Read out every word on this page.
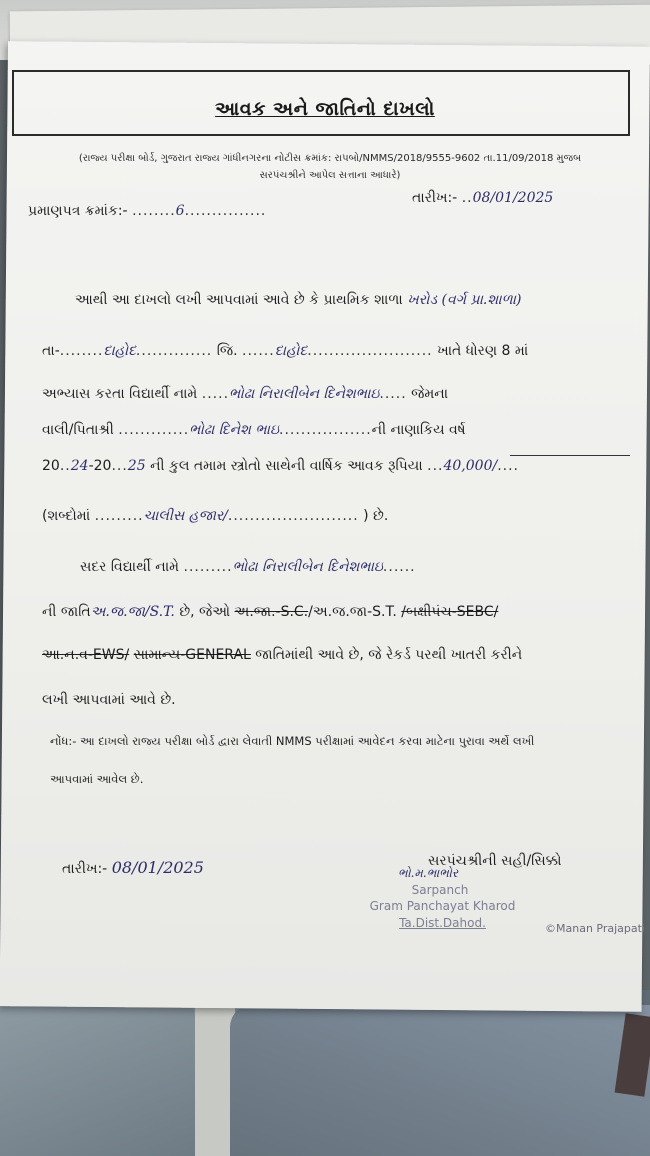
આવક અને જાતિનો દાખલો
(રાજ્ય પરીક્ષા બોર્ડ, ગુજરાત રાજ્ય ગાંધીનગરના નોટીસ ક્રમાંક: રાપબો/NMMS/2018/9555-9602 તા.11/09/2018 મુજબ
સરપંચશ્રીને આપેલ સત્તાના આધારે)
પ્રમાણપત્ર ક્રમાંક:- ........6...............
તારીખ:- ..08/01/2025
આથી આ દાખલો લખી આપવામાં આવે છે કે પ્રાથમિક શાળા ખરોડ (વર્ગ પ્રા.શાળા)
તા-........દાહોદ.............. જિ. ......દાહોદ....................... ખાતે ધોરણ 8 માં
અભ્યાસ કરતા વિદ્યાર્થી નામે .....ભોઢા નિરાલીબેન દિનેશભાઇ..... જેમના
વાલી/પિતાશ્રી .............ભોઢા દિનેશ ભાઇ.................ની નાણાકિય વર્ષ
20..24-20...25 ની કુલ તમામ સ્ત્રોતો સાથેની વાર્ષિક આવક રૂપિયા ...40,000/....
(શબ્દોમાં .........ચાલીસ હજાર/........................ ) છે.
સદર વિદ્યાર્થી નામે .........ભોઢા નિરાલીબેન દિનેશભાઇ......
ની જાતિઅ.જ.જા/S.T. છે, જેઓ અ.જા.-S.C./અ.જ.જા-S.T. /બક્ષીપંચ-SEBC/
આ.ન.વ-EWS/ સામાન્ય-GENERAL જાતિમાંથી આવે છે, જે રેકર્ડ પરથી ખાતરી કરીને
લખી આપવામાં આવે છે.
નોંધ:- આ દાખલો રાજ્ય પરીક્ષા બોર્ડ દ્વારા લેવાતી NMMS પરીક્ષામાં આવેદન કરવા માટેના પુરાવા અર્થે લખી
આપવામાં આવેલ છે.
તારીખ:- 08/01/2025	સરપંચશ્રીની સહી/સિક્કો
ભો.મ.ભાભોર
Sarpanch
Gram Panchayat Kharod
Ta.Dist.Dahod.	©Manan Prajapati
